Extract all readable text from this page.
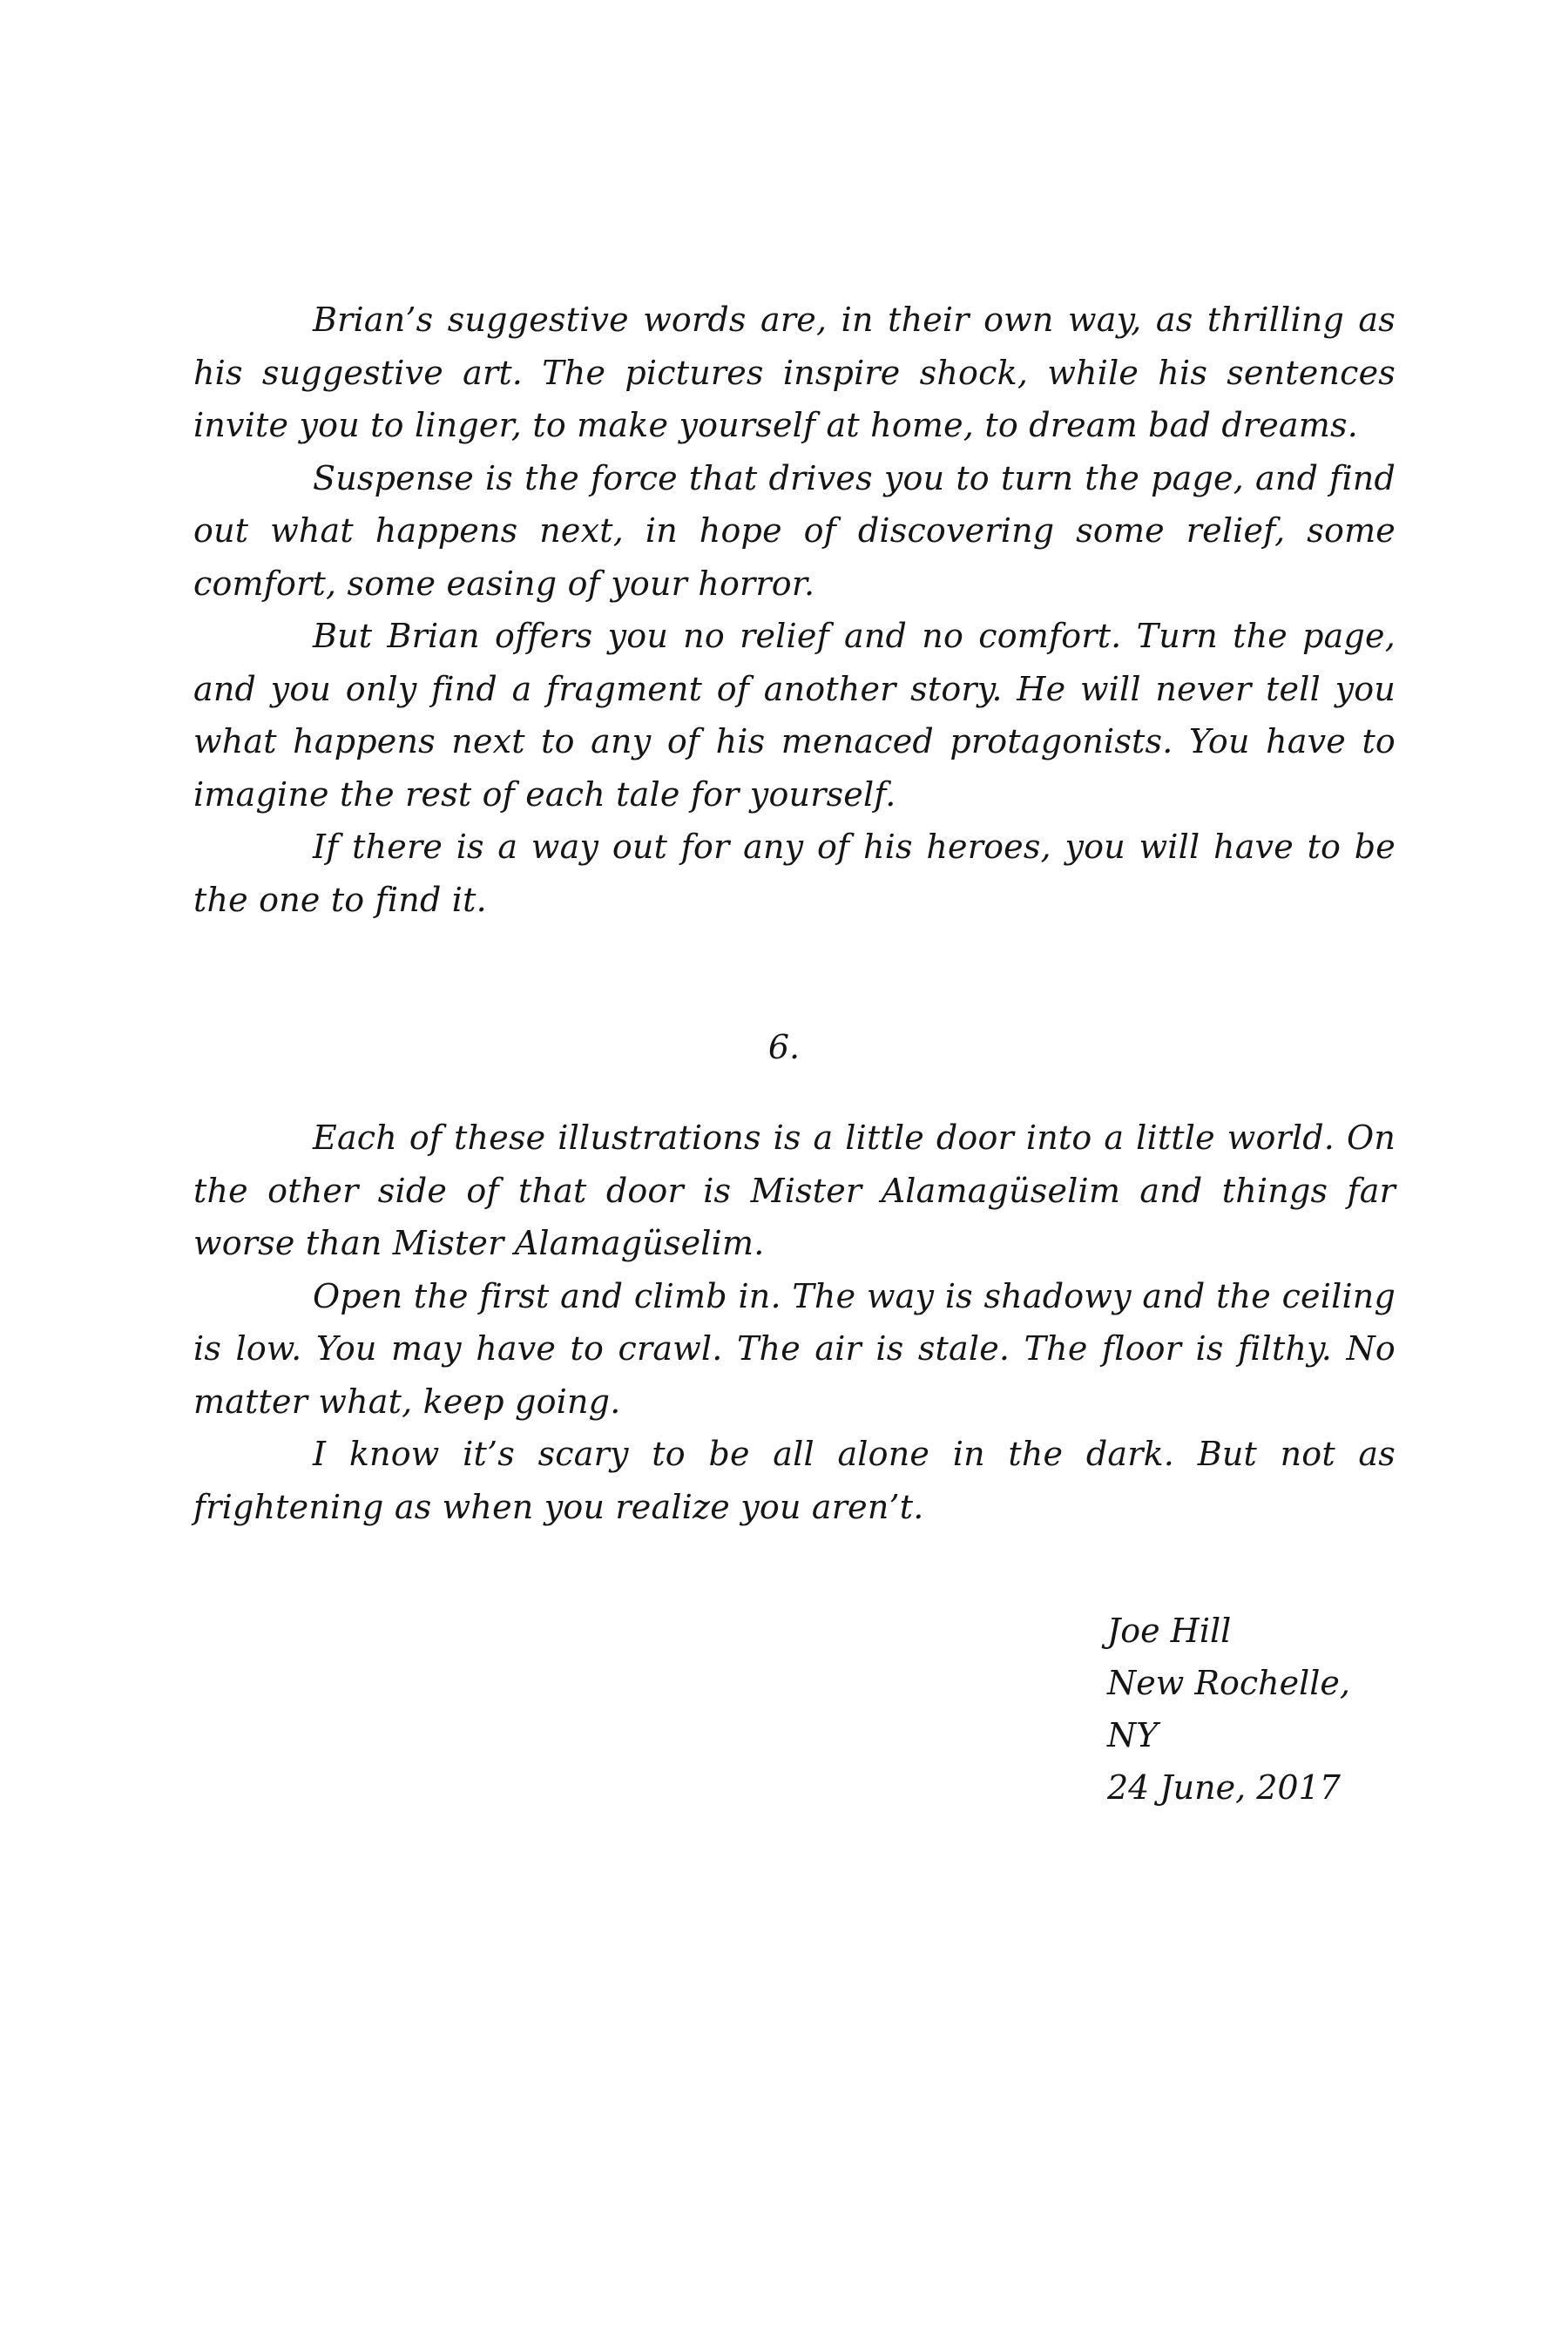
Brian’s suggestive words are, in their own way, as thrilling as his suggestive art. The pictures inspire shock, while his sentences invite you to linger, to make yourself at home, to dream bad dreams.

Suspense is the force that drives you to turn the page, and find out what happens next, in hope of discovering some relief, some comfort, some easing of your horror.

But Brian offers you no relief and no comfort. Turn the page, and you only find a fragment of another story. He will never tell you what happens next to any of his menaced protagonists. You have to imagine the rest of each tale for yourself.

If there is a way out for any of his heroes, you will have to be the one to find it.

6.

Each of these illustrations is a little door into a little world. On the other side of that door is Mister Alamagüselim and things far worse than Mister Alamagüselim.

Open the first and climb in. The way is shadowy and the ceiling is low. You may have to crawl. The air is stale. The floor is filthy. No matter what, keep going.

I know it’s scary to be all alone in the dark. But not as frightening as when you realize you aren’t.

Joe Hill
New Rochelle,
NY
24 June, 2017
